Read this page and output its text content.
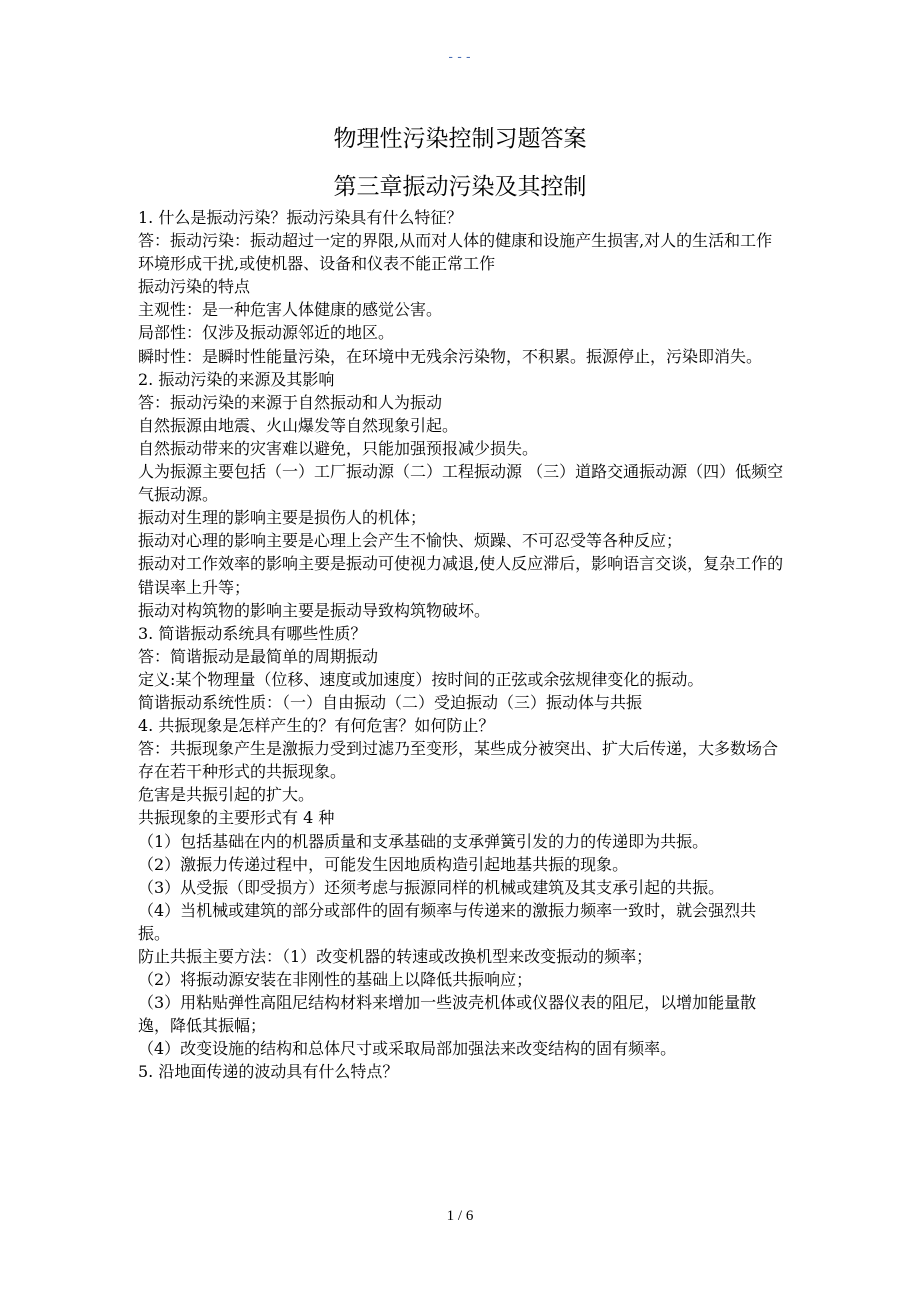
---
物理性污染控制习题答案
第三章振动污染及其控制

1. 什么是振动污染？振动污染具有什么特征？

答：振动污染：振动超过一定的界限,从而对人体的健康和设施产生损害,对人的生活和工作环境形成干扰,或使机器、设备和仪表不能正常工作

振动污染的特点

主观性：是一种危害人体健康的感觉公害。

局部性：仅涉及振动源邻近的地区。

瞬时性：是瞬时性能量污染，在环境中无残余污染物，不积累。振源停止，污染即消失。

2. 振动污染的来源及其影响

答：振动污染的来源于自然振动和人为振动

自然振源由地震、火山爆发等自然现象引起。

自然振动带来的灾害难以避免，只能加强预报减少损失。

人为振源主要包括（一）工厂振动源（二）工程振动源 （三）道路交通振动源（四）低频空气振动源。

振动对生理的影响主要是损伤人的机体；

振动对心理的影响主要是心理上会产生不愉快、烦躁、不可忍受等各种反应；

振动对工作效率的影响主要是振动可使视力减退,使人反应滞后，影响语言交谈，复杂工作的错误率上升等；

振动对构筑物的影响主要是振动导致构筑物破坏。

3. 简谐振动系统具有哪些性质？

答：简谐振动是最简单的周期振动

定义:某个物理量（位移、速度或加速度）按时间的正弦或余弦规律变化的振动。

简谐振动系统性质：（一）自由振动（二）受迫振动（三）振动体与共振

4. 共振现象是怎样产生的？有何危害？如何防止？

答：共振现象产生是激振力受到过滤乃至变形，某些成分被突出、扩大后传递，大多数场合存在若干种形式的共振现象。

危害是共振引起的扩大。

共振现象的主要形式有 4 种

（1）包括基础在内的机器质量和支承基础的支承弹簧引发的力的传递即为共振。

（2）激振力传递过程中，可能发生因地质构造引起地基共振的现象。

（3）从受振（即受损方）还须考虑与振源同样的机械或建筑及其支承引起的共振。

（4）当机械或建筑的部分或部件的固有频率与传递来的激振力频率一致时，就会强烈共振。

防止共振主要方法：（1）改变机器的转速或改换机型来改变振动的频率；

（2）将振动源安装在非刚性的基础上以降低共振响应；

（3）用粘贴弹性高阻尼结构材料来增加一些波壳机体或仪器仪表的阻尼，以增加能量散逸，降低其振幅；

（4）改变设施的结构和总体尺寸或采取局部加强法来改变结构的固有频率。

5. 沿地面传递的波动具有什么特点？

1 / 6
